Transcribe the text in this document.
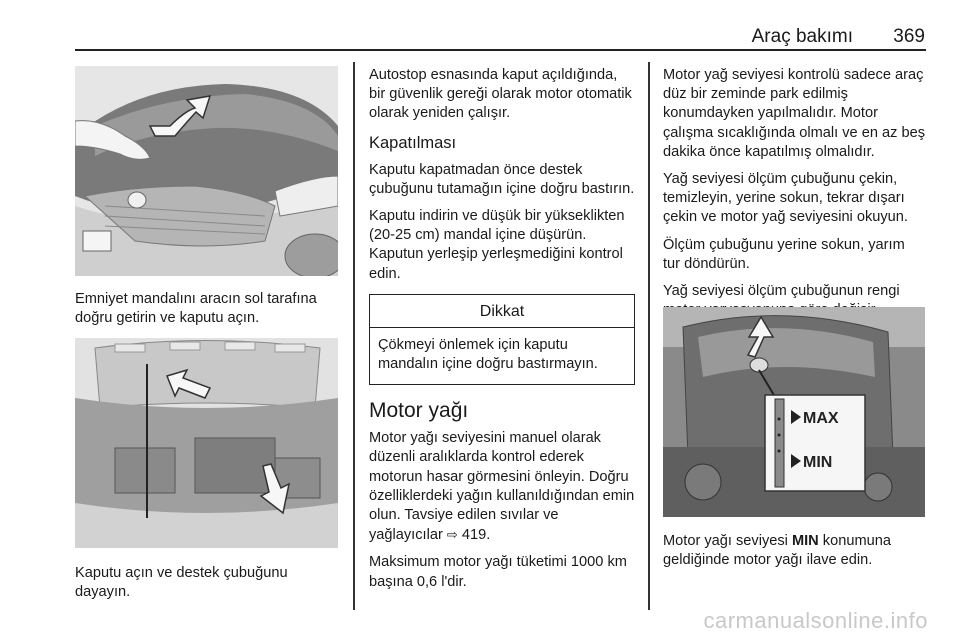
Araç bakımı 369

Emniyet mandalını aracın sol tarafına doğru getirin ve kaputu açın.

Kaputu açın ve destek çubuğunu dayayın.

Autostop esnasında kaput açıldığında, bir güvenlik gereği olarak motor otomatik olarak yeniden çalışır.

Kapatılması

Kaputu kapatmadan önce destek çubuğunu tutamağın içine doğru bastırın.

Kaputu indirin ve düşük bir yükseklikten (20-25 cm) mandal içine düşürün. Kaputun yerleşip yerleşmediğini kontrol edin.

Dikkat
Çökmeyi önlemek için kaputu mandalın içine doğru bastırmayın.
Motor yağı

Motor yağı seviyesini manuel olarak düzenli aralıklarda kontrol ederek motorun hasar görmesini önleyin. Doğru özelliklerdeki yağın kullanıldığından emin olun. Tavsiye edilen sıvılar ve yağlayıcılar ⇨ 419.

Maksimum motor yağı tüketimi 1000 km başına 0,6 l'dir.

Motor yağ seviyesi kontrolü sadece araç düz bir zeminde park edilmiş konumdayken yapılmalıdır. Motor çalışma sıcaklığında olmalı ve en az beş dakika önce kapatılmış olmalıdır.

Yağ seviyesi ölçüm çubuğunu çekin, temizleyin, yerine sokun, tekrar dışarı çekin ve motor yağ seviyesini okuyun.

Ölçüm çubuğunu yerine sokun, yarım tur döndürün.

Yağ seviyesi ölçüm çubuğunun rengi

MAX
MIN

Motor yağı seviyesi MIN konumuna geldiğinde motor yağı ilave edin.

carmanualsonline.info
